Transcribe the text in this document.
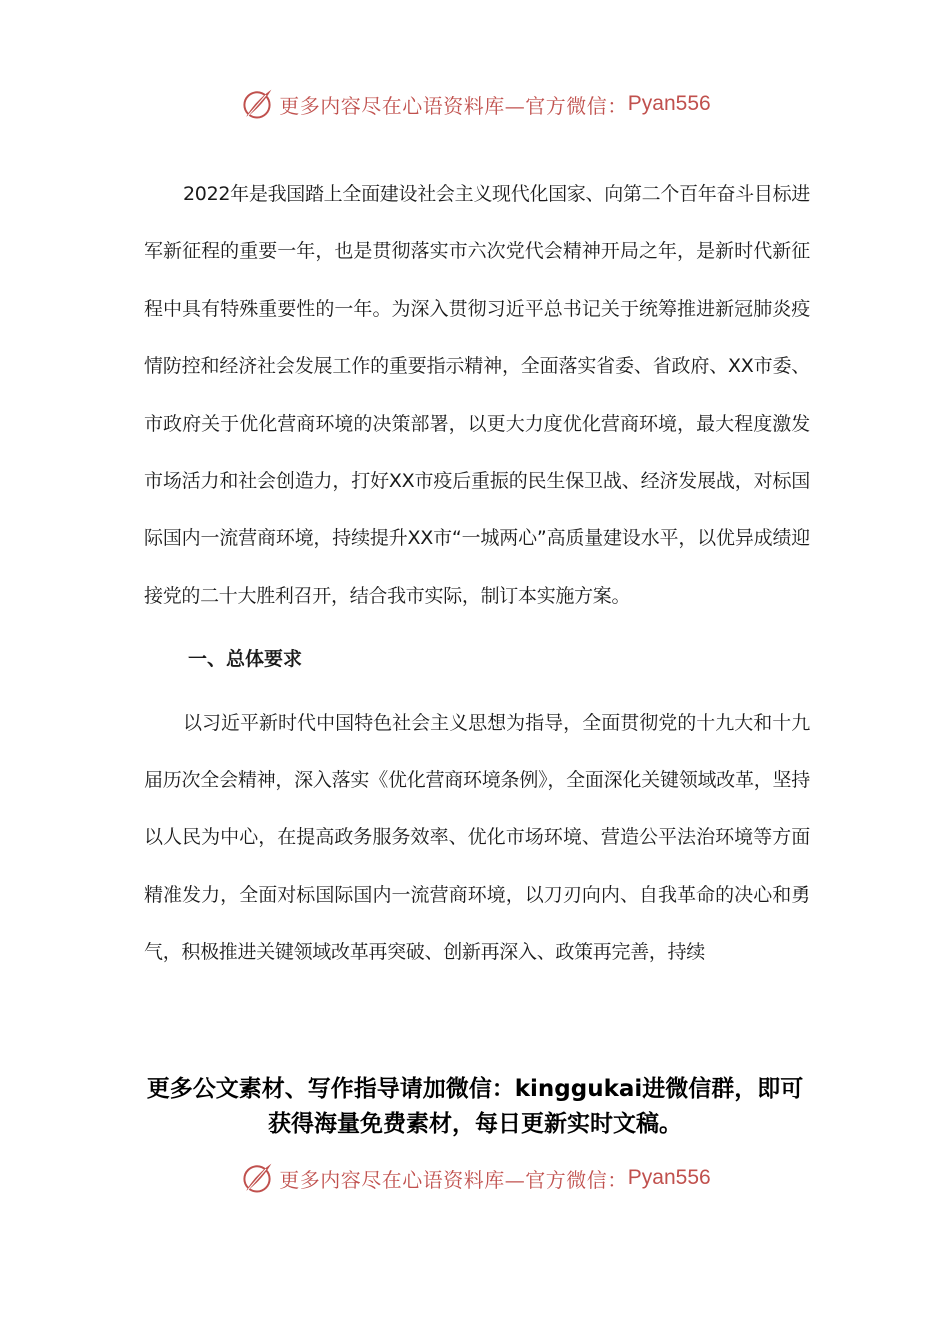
更多内容尽在心语资料库—官方微信： Pyan556

2022年是我国踏上全面建设社会主义现代化国家、向第二个百年奋斗目标进军新征程的重要一年，也是贯彻落实市六次党代会精神开局之年，是新时代新征程中具有特殊重要性的一年。为深入贯彻习近平总书记关于统筹推进新冠肺炎疫情防控和经济社会发展工作的重要指示精神，全面落实省委、省政府、XX市委、市政府关于优化营商环境的决策部署，以更大力度优化营商环境，最大程度激发市场活力和社会创造力，打好XX市疫后重振的民生保卫战、经济发展战，对标国际国内一流营商环境，持续提升XX市“一城两心”高质量建设水平，以优异成绩迎接党的二十大胜利召开，结合我市实际，制订本实施方案。

一、总体要求

以习近平新时代中国特色社会主义思想为指导，全面贯彻党的十九大和十九届历次全会精神，深入落实《优化营商环境条例》，全面深化关键领域改革，坚持以人民为中心，在提高政务服务效率、优化市场环境、营造公平法治环境等方面精准发力，全面对标国际国内一流营商环境，以刀刃向内、自我革命的决心和勇气，积极推进关键领域改革再突破、创新再深入、政策再完善，持续

更多公文素材、写作指导请加微信：kinggukai进微信群，即可
获得海量免费素材，每日更新实时文稿。
更多内容尽在心语资料库—官方微信： Pyan556
